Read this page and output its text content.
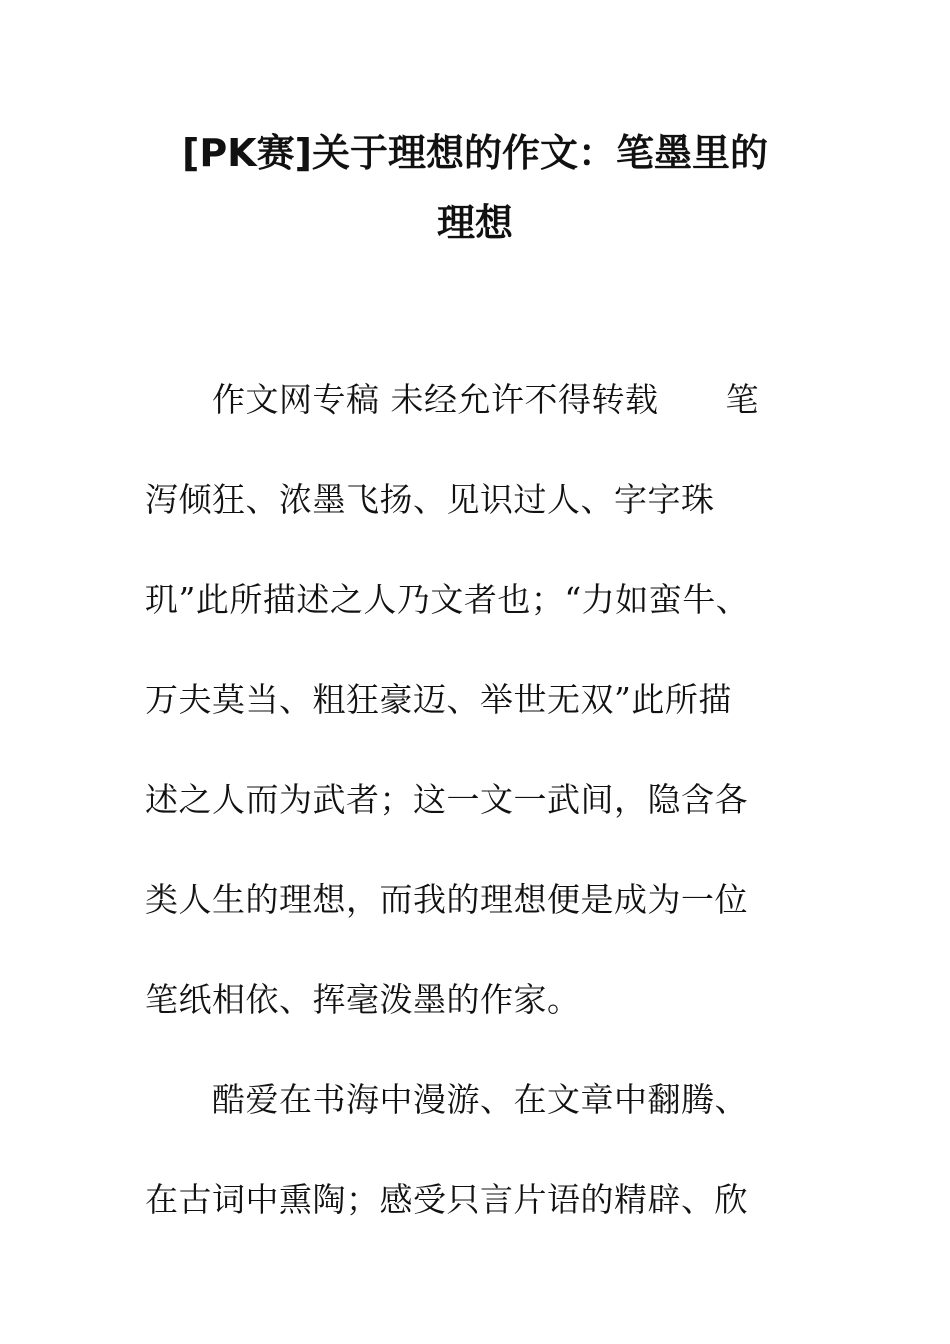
[PK赛]关于理想的作文：笔墨里的
理想
　　作文网专稿 未经允许不得转载　　笔
泻倾狂、浓墨飞扬、见识过人、字字珠
玑”此所描述之人乃文者也；“力如蛮牛、
万夫莫当、粗狂豪迈、举世无双”此所描
述之人而为武者；这一文一武间，隐含各
类人生的理想，而我的理想便是成为一位
笔纸相依、挥毫泼墨的作家。
　　酷爱在书海中漫游、在文章中翻腾、
在古词中熏陶；感受只言片语的精辟、欣
